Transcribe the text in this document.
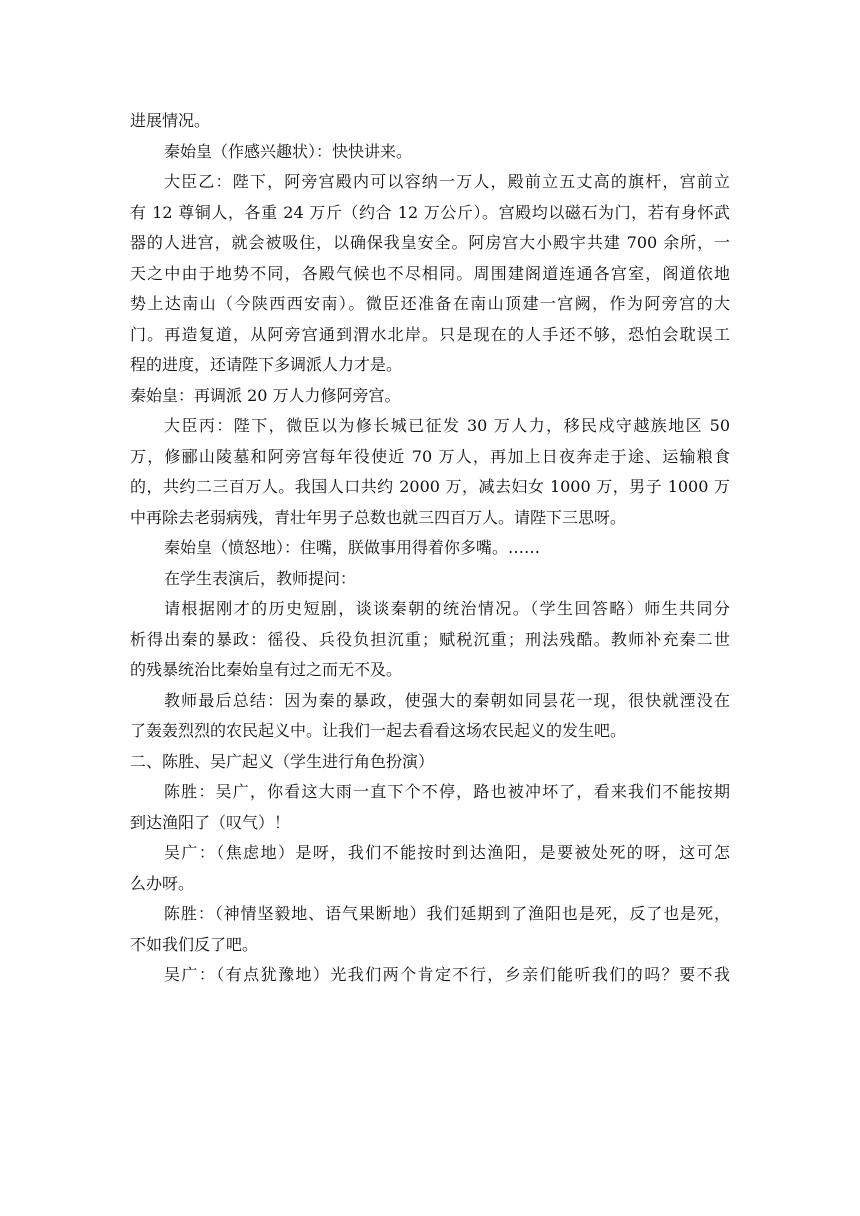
进展情况。
秦始皇（作感兴趣状）：快快讲来。
大臣乙：陛下，阿旁宫殿内可以容纳一万人，殿前立五丈高的旗杆，宫前立
有 12 尊铜人，各重 24 万斤（约合 12 万公斤）。宫殿均以磁石为门，若有身怀武
器的人进宫，就会被吸住，以确保我皇安全。阿房宫大小殿宇共建 700 余所，一
天之中由于地势不同，各殿气候也不尽相同。周围建阁道连通各宫室，阁道依地
势上达南山（今陕西西安南）。微臣还准备在南山顶建一宫阙，作为阿旁宫的大
门。再造复道，从阿旁宫通到渭水北岸。只是现在的人手还不够，恐怕会耽误工
程的进度，还请陛下多调派人力才是。
秦始皇：再调派 20 万人力修阿旁宫。
大臣丙：陛下，微臣以为修长城已征发 30 万人力，移民戍守越族地区 50
万，修郦山陵墓和阿旁宫每年役使近 70 万人，再加上日夜奔走于途、运输粮食
的，共约二三百万人。我国人口共约 2000 万，减去妇女 1000 万，男子 1000 万
中再除去老弱病残，青壮年男子总数也就三四百万人。请陛下三思呀。
秦始皇（愤怒地）：住嘴，朕做事用得着你多嘴。……
在学生表演后，教师提问：
请根据刚才的历史短剧，谈谈秦朝的统治情况。（学生回答略）师生共同分
析得出秦的暴政：徭役、兵役负担沉重；赋税沉重；刑法残酷。教师补充秦二世
的残暴统治比秦始皇有过之而无不及。
教师最后总结：因为秦的暴政，使强大的秦朝如同昙花一现，很快就湮没在
了轰轰烈烈的农民起义中。让我们一起去看看这场农民起义的发生吧。
二、陈胜、吴广起义（学生进行角色扮演）
陈胜：吴广，你看这大雨一直下个不停，路也被冲坏了，看来我们不能按期
到达渔阳了（叹气）！
吴广：（焦虑地）是呀，我们不能按时到达渔阳，是要被处死的呀，这可怎
么办呀。
陈胜：（神情坚毅地、语气果断地）我们延期到了渔阳也是死，反了也是死，
不如我们反了吧。
吴广：（有点犹豫地）光我们两个肯定不行，乡亲们能听我们的吗？要不我
